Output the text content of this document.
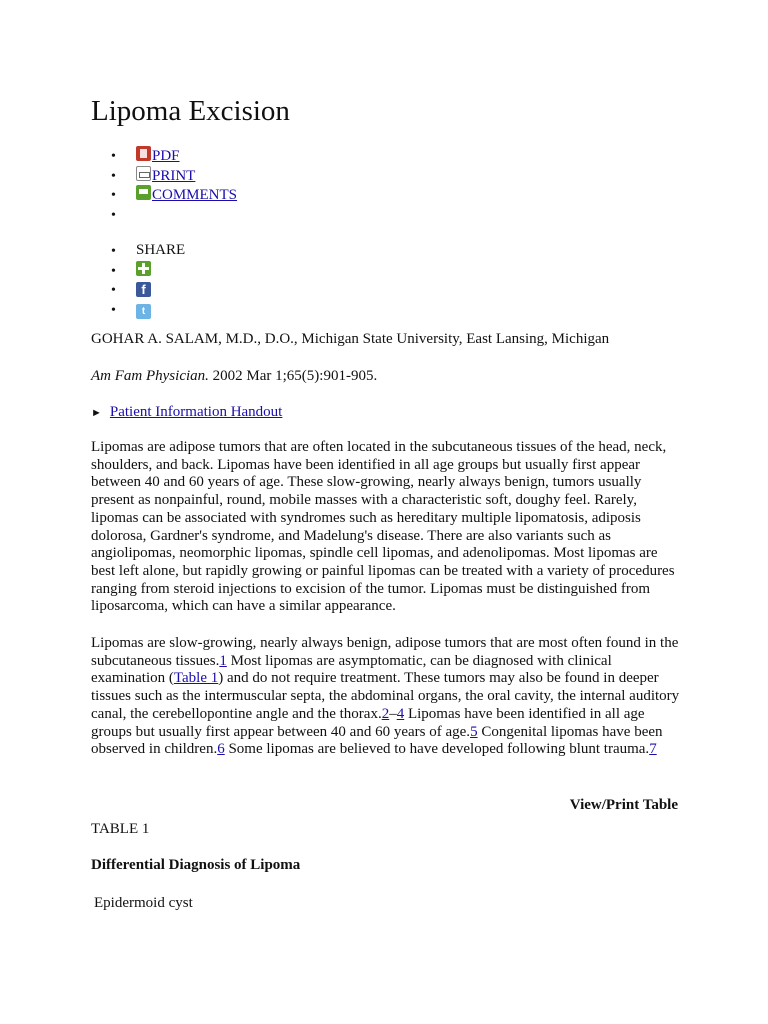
Lipoma Excision
• PDF
• PRINT
• COMMENTS
•
• SHARE
•
• f
• t

GOHAR A. SALAM, M.D., D.O., Michigan State University, East Lansing, Michigan

Am Fam Physician. 2002 Mar 1;65(5):901-905.

► Patient Information Handout

Lipomas are adipose tumors that are often located in the subcutaneous tissues of the head, neck, shoulders, and back. Lipomas have been identified in all age groups but usually first appear between 40 and 60 years of age. These slow-growing, nearly always benign, tumors usually present as nonpainful, round, mobile masses with a characteristic soft, doughy feel. Rarely, lipomas can be associated with syndromes such as hereditary multiple lipomatosis, adiposis dolorosa, Gardner's syndrome, and Madelung's disease. There are also variants such as angiolipomas, neomorphic lipomas, spindle cell lipomas, and adenolipomas. Most lipomas are best left alone, but rapidly growing or painful lipomas can be treated with a variety of procedures ranging from steroid injections to excision of the tumor. Lipomas must be distinguished from liposarcoma, which can have a similar appearance.

Lipomas are slow-growing, nearly always benign, adipose tumors that are most often found in the subcutaneous tissues.1 Most lipomas are asymptomatic, can be diagnosed with clinical examination (Table 1) and do not require treatment. These tumors may also be found in deeper tissues such as the intermuscular septa, the abdominal organs, the oral cavity, the internal auditory canal, the cerebellopontine angle and the thorax.2–4 Lipomas have been identified in all age groups but usually first appear between 40 and 60 years of age.5 Congenital lipomas have been observed in children.6 Some lipomas are believed to have developed following blunt trauma.7

View/Print Table

TABLE 1

Differential Diagnosis of Lipoma

Epidermoid cyst
